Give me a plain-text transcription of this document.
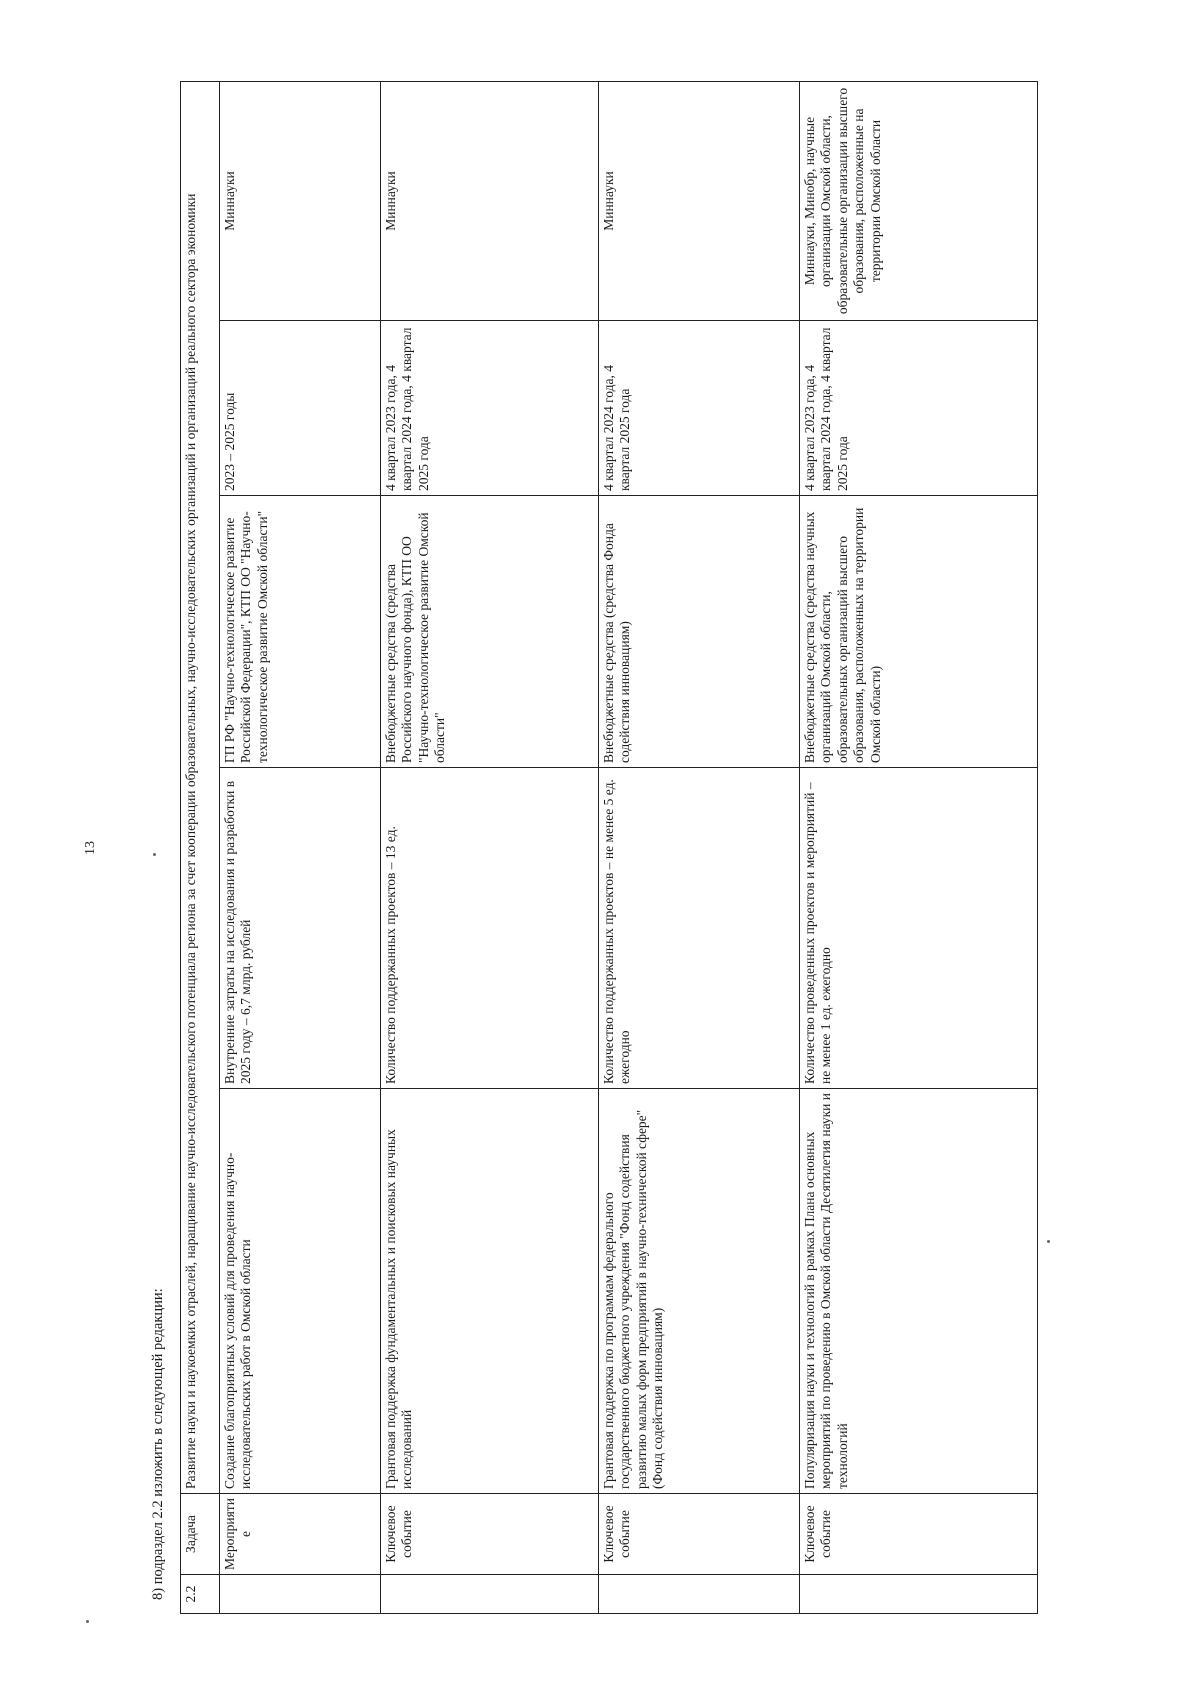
13
8) подраздел 2.2 изложить в следующей редакции: 2.2	Задача	Развитие науки и наукоемких отраслей, наращивание научно-исследовательского потенциала региона за счет кооперации образовательных, научно-исследовательских организаций и организаций реального сектора экономики				
	Мероприятие	Создание благоприятных условий для проведения научно-исследовательских работ в Омской области	Внутренние затраты на исследования и разработки в 2025 году – 6,7 млрд. рублей	ГП РФ "Научно-технологическое развитие Российской Федерации", КТП ОО "Научно-технологическое развитие Омской области"	2023 – 2025 годы	Миннауки
	Ключевое событие	Грантовая поддержка фундаментальных и поисковых научных исследований	Количество поддержанных проектов – 13 ед.	Внебюджетные средства (средства Российского научного фонда), КТП ОО "Научно-технологическое развитие Омской области"	4 квартал 2023 года, 4 квартал 2024 года, 4 квартал 2025 года	Миннауки
	Ключевое событие	Грантовая поддержка по программам федерального государственного бюджетного учреждения "Фонд содействия развитию малых форм предприятий в научно-технической сфере" (Фонд содействия инновациям)	Количество поддержанных проектов – не менее 5 ед. ежегодно	Внебюджетные средства (средства Фонда содействия инновациям)	4 квартал 2024 года, 4 квартал 2025 года	Миннауки
	Ключевое событие	Популяризация науки и технологий в рамках Плана основных мероприятий по проведению в Омской области Десятилетия науки и технологий	Количество проведенных проектов и мероприятий – не менее 1 ед. ежегодно	Внебюджетные средства (средства научных организаций Омской области, образовательных организаций высшего образования, расположенных на территории Омской области)	4 квартал 2023 года, 4 квартал 2024 года, 4 квартал 2025 года	Миннауки, Минобр, научные организации Омской области, образовательные организации высшего образования, расположенные на территории Омской области
